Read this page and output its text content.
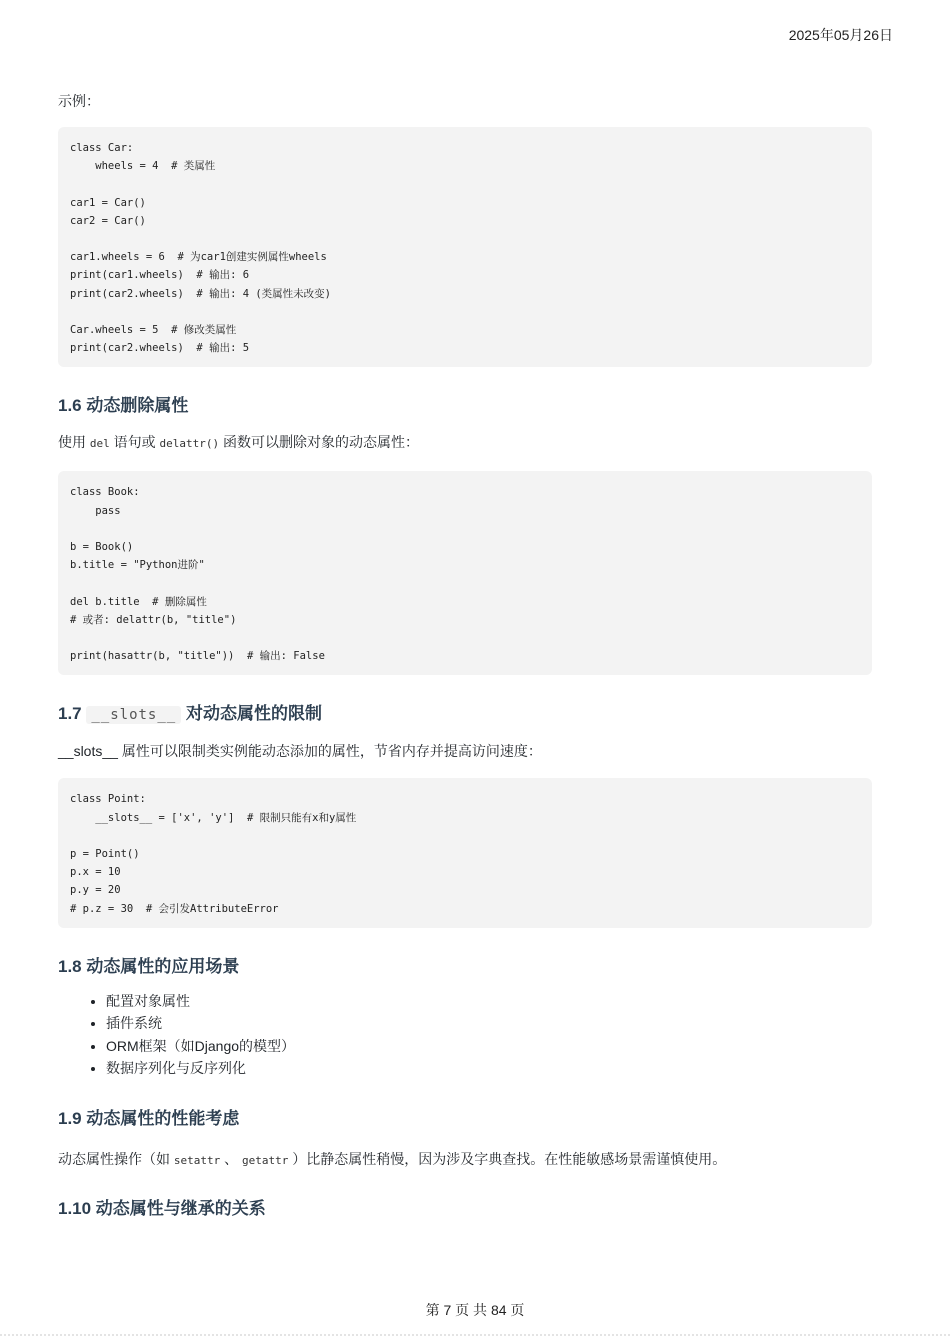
2025年05月26日

示例：

class Car:
wheels = 4  # 类属性

car1 = Car()
car2 = Car()

car1.wheels = 6  # 为car1创建实例属性wheels
print(car1.wheels)  # 输出: 6
print(car2.wheels)  # 输出: 4 (类属性未改变)

Car.wheels = 5  # 修改类属性
print(car2.wheels)  # 输出: 5
1.6 动态删除属性

使用 del 语句或 delattr() 函数可以删除对象的动态属性：

class Book:
pass

b = Book()
b.title = "Python进阶"

del b.title  # 删除属性
# 或者: delattr(b, "title")

print(hasattr(b, "title"))  # 输出: False
1.7 __slots__ 对动态属性的限制

__slots__ 属性可以限制类实例能动态添加的属性，节省内存并提高访问速度：

class Point:
__slots__ = ['x', 'y']  # 限制只能有x和y属性

p = Point()
p.x = 10
p.y = 20
# p.z = 30  # 会引发AttributeError
1.8 动态属性的应用场景
• 配置对象属性
• 插件系统
• ORM框架（如Django的模型）
• 数据序列化与反序列化
1.9 动态属性的性能考虑

动态属性操作（如 setattr 、 getattr ）比静态属性稍慢，因为涉及字典查找。在性能敏感场景需谨慎使用。

1.10 动态属性与继承的关系
第 7 页 共 84 页
